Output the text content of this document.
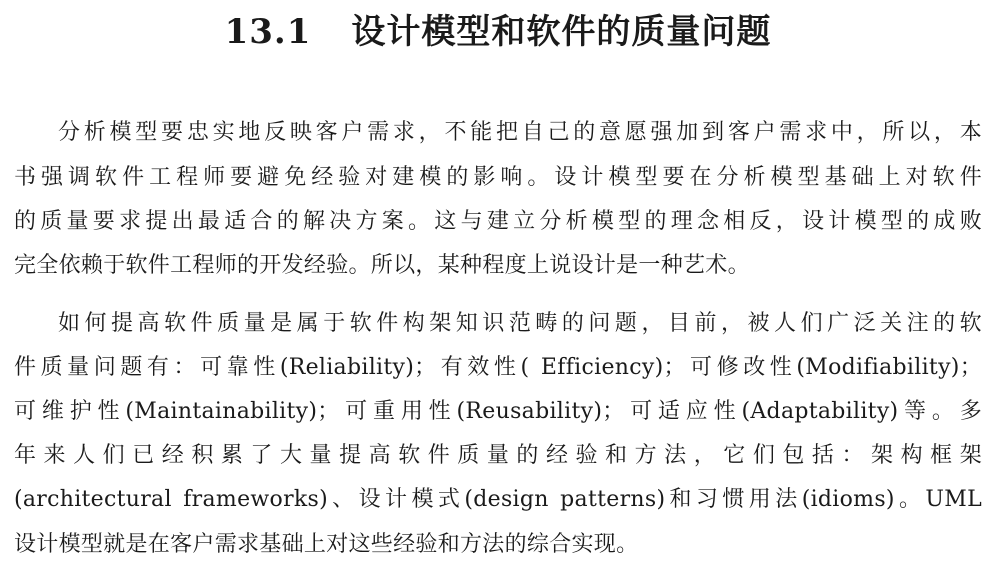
13.1 设计模型和软件的质量问题
分析模型要忠实地反映客户需求，不能把自己的意愿强加到客户需求中，所以，本
书强调软件工程师要避免经验对建模的影响。设计模型要在分析模型基础上对软件
的质量要求提出最适合的解决方案。这与建立分析模型的理念相反，设计模型的成败
完全依赖于软件工程师的开发经验。所以，某种程度上说设计是一种艺术。
如何提高软件质量是属于软件构架知识范畴的问题，目前，被人们广泛关注的软
件质量问题有：可靠性(Reliability)；有效性( Efficiency)；可修改性(Modifiability)；
可维护性(Maintainability)；可重用性(Reusability)；可适应性(Adaptability)等。多
年来人们已经积累了大量提高软件质量的经验和方法，它们包括：架构框架
(architectural frameworks)、设计模式(design patterns)和习惯用法(idioms)。UML
设计模型就是在客户需求基础上对这些经验和方法的综合实现。
